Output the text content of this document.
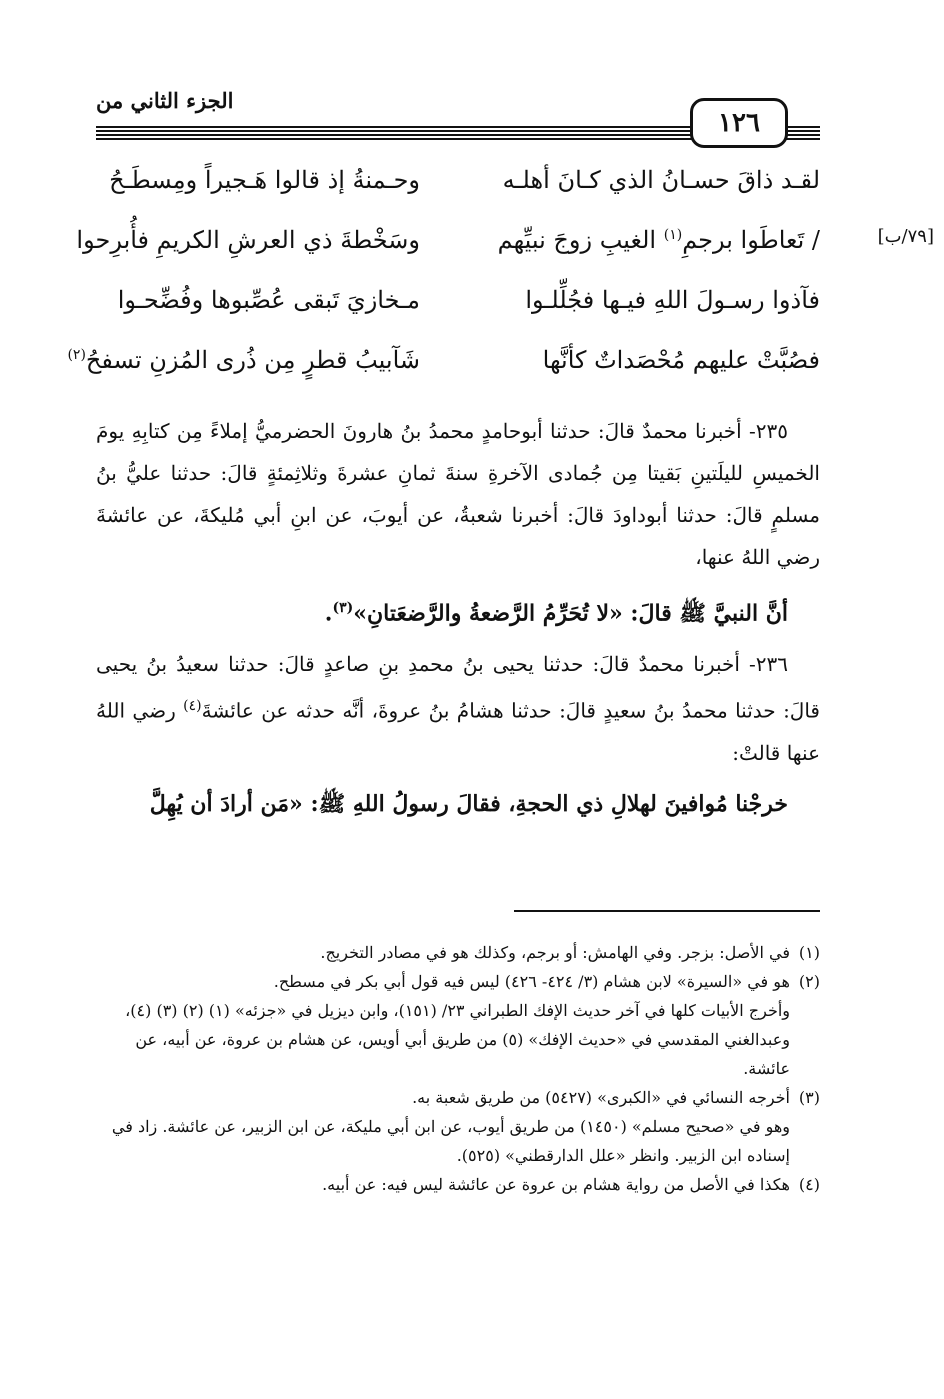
١٢٦
الجزء الثاني من
[٧٩/ب]
لقـد ذاقَ حسـانُ الذي كـانَ أهلـه
وحـمنةُ إذ قالوا هَـجيراً ومِسطَـحُ
/ تَعاطَوا برجمِ$^{(١)}$ الغيبِ زوجَ نبيِّهم
وسَخْطةَ ذي العرشِ الكريمِ فأُبرِحوا
فآذوا رسـولَ اللهِ فيـها فجُلِّلـوا
مـخازيَ تَبقى عُصِّبوها وفُضِّحـوا
فصُبَّتْ عليهم مُحْصَداتٌ كأنَّها
شَآبيبُ قطرٍ مِن ذُرى المُزنِ تسفحُ$^{(٢)}$

٢٣٥- أخبرنا محمدٌ قالَ: حدثنا أبوحامدٍ محمدُ بنُ هارونَ الحضرميُّ إملاءً مِن كتابِهِ يومَ الخميسِ لليلَتينِ بَقيتا مِن جُمادى الآخرةِ سنةَ ثمانِ عشرةَ وثلاثِمئةٍ قالَ: حدثنا عليُّ بنُ مسلمٍ قالَ: حدثنا أبوداودَ قالَ: أخبرنا شعبةُ، عن أيوبَ، عن ابنِ أبي مُليكةَ، عن عائشةَ رضي اللهُ عنها،

أنَّ النبيَّ ﷺ قالَ: «لا تُحَرِّمُ الرَّضعةُ والرَّضعَتانِ»$^{(٣)}$.

٢٣٦- أخبرنا محمدٌ قالَ: حدثنا يحيى بنُ محمدِ بنِ صاعدٍ قالَ: حدثنا سعيدُ بنُ يحيى قالَ: حدثنا محمدُ بنُ سعيدٍ قالَ: حدثنا هشامُ بنُ عروةَ، أنَّه حدثه عن عائشةَ$^{(٤)}$ رضي اللهُ عنها قالتْ:

خرجْنا مُوافينَ لهلالِ ذي الحجةِ، فقالَ رسولُ اللهِ ﷺ: «مَن أرادَ أن يُهِلَّ

(١)في الأصل: بزجر. وفي الهامش: أو برجم، وكذلك هو في مصادر التخريج.

(٢)هو في «السيرة» لابن هشام (٣/ ٤٢٤- ٤٢٦) ليس فيه قول أبي بكر في مسطح.

وأخرج الأبيات كلها في آخر حديث الإفك الطبراني ٢٣/ (١٥١)، وابن ديزيل في «جزئه» (١) (٢) (٣) (٤)، وعبدالغني المقدسي في «حديث الإفك» (٥) من طريق أبي أويس، عن هشام بن عروة، عن أبيه، عن عائشة.

(٣)أخرجه النسائي في «الكبرى» (٥٤٢٧) من طريق شعبة به.

وهو في «صحيح مسلم» (١٤٥٠) من طريق أيوب، عن ابن أبي مليكة، عن ابن الزبير، عن عائشة. زاد في إسناده ابن الزبير. وانظر «علل الدارقطني» (٥٢٥).

(٤)هكذا في الأصل من رواية هشام بن عروة عن عائشة ليس فيه: عن أبيه.
